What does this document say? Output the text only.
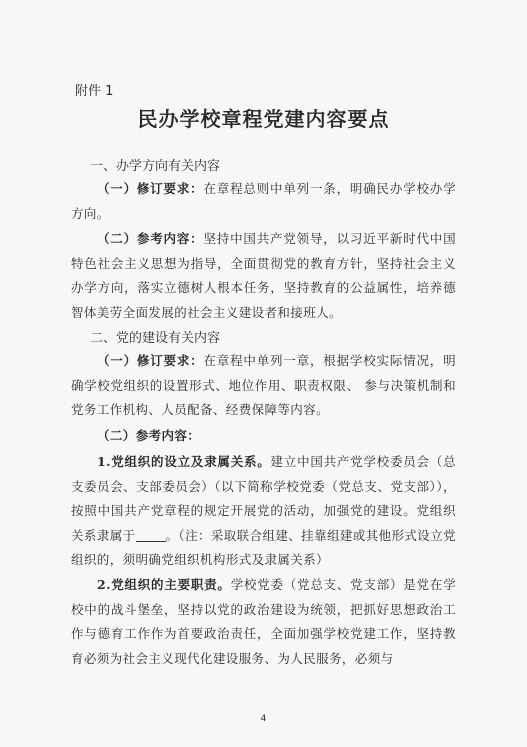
附件 1
民办学校章程党建内容要点
一、办学方向有关内容
（一）修订要求：在章程总则中单列一条，明确民办学校办学方向。
（二）参考内容：坚持中国共产党领导，以习近平新时代中国特色社会主义思想为指导，全面贯彻党的教育方针，坚持社会主义办学方向，落实立德树人根本任务，坚持教育的公益属性，培养德智体美劳全面发展的社会主义建设者和接班人。
二、党的建设有关内容
（一）修订要求：在章程中单列一章，根据学校实际情况，明确学校党组织的设置形式、地位作用、职责权限、 参与决策机制和党务工作机构、人员配备、经费保障等内容。
（二）参考内容：
1.党组织的设立及隶属关系。建立中国共产党学校委员会（总支委员会、支部委员会）（以下简称学校党委（党总支、党支部）），按照中国共产党章程的规定开展党的活动，加强党的建设。党组织关系隶属于 。（注：采取联合组建、挂靠组建或其他形式设立党组织的，须明确党组织机构形式及隶属关系）
2.党组织的主要职责。学校党委（党总支、党支部）是党在学校中的战斗堡垒，坚持以党的政治建设为统领，把抓好思想政治工作与德育工作作为首要政治责任，全面加强学校党建工作，坚持教育必须为社会主义现代化建设服务、为人民服务，必须与
4
